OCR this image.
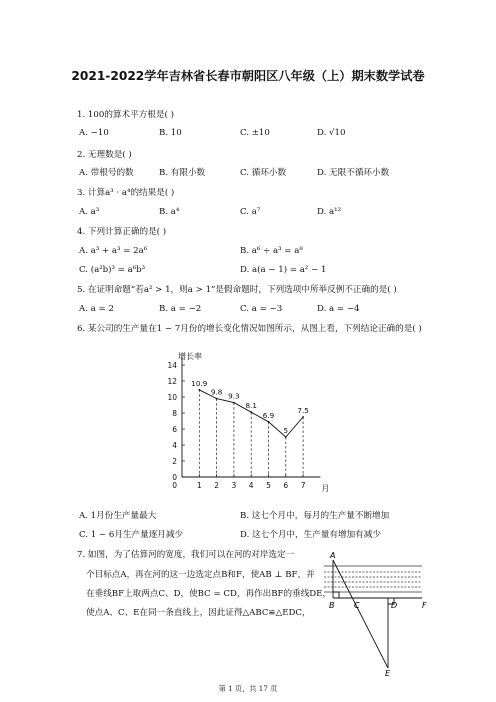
2021-2022学年吉林省长春市朝阳区八年级（上）期末数学试卷
1. 100的算术平方根是( )
A. −10	B. 10	C. ±10	D. √10
2. 无理数是( )
A. 带根号的数	B. 有限小数	C. 循环小数	D. 无限不循环小数
3. 计算a³ · a⁴的结果是( )
A. a³	B. a⁴	C. a⁷	D. a¹²
4. 下列计算正确的是( )
A. a³ + a³ = 2a⁶	B. a⁶ ÷ a³ = a⁸
C. (a²b)³ = a⁶b³	D. a(a − 1) = a² − 1
5. 在证明命题“若a² > 1，则a > 1”是假命题时，下列选项中所举反例不正确的是( )
A. a = 2	B. a = −2	C. a = −3	D. a = −4
6. 某公司的生产量在1 − 7月份的增长变化情况如图所示，从图上看，下列结论正确的是( )
0
2
4
6
8
10
12
14
1 2 3 4 5 6 7
0
增长率
月
10.9
9.8 9.3
8.1
6.9
5
7.5
A. 1月份生产量最大	B. 这七个月中，每月的生产量不断增加
C. 1 − 6月生产量逐月减少	D. 这七个月中，生产量有增加有减少
7. 如图，为了估算河的宽度，我们可以在河的对岸选定一
个目标点A，再在河的这一边选定点B和F，使AB ⊥ BF，并
在垂线BF上取两点C、D，使BC = CD，再作出BF的垂线DE，
使点A、C、E在同一条直线上，因此证得△ABC≌△EDC，
A
B C	D	F
E
第 1 页，共 17 页
